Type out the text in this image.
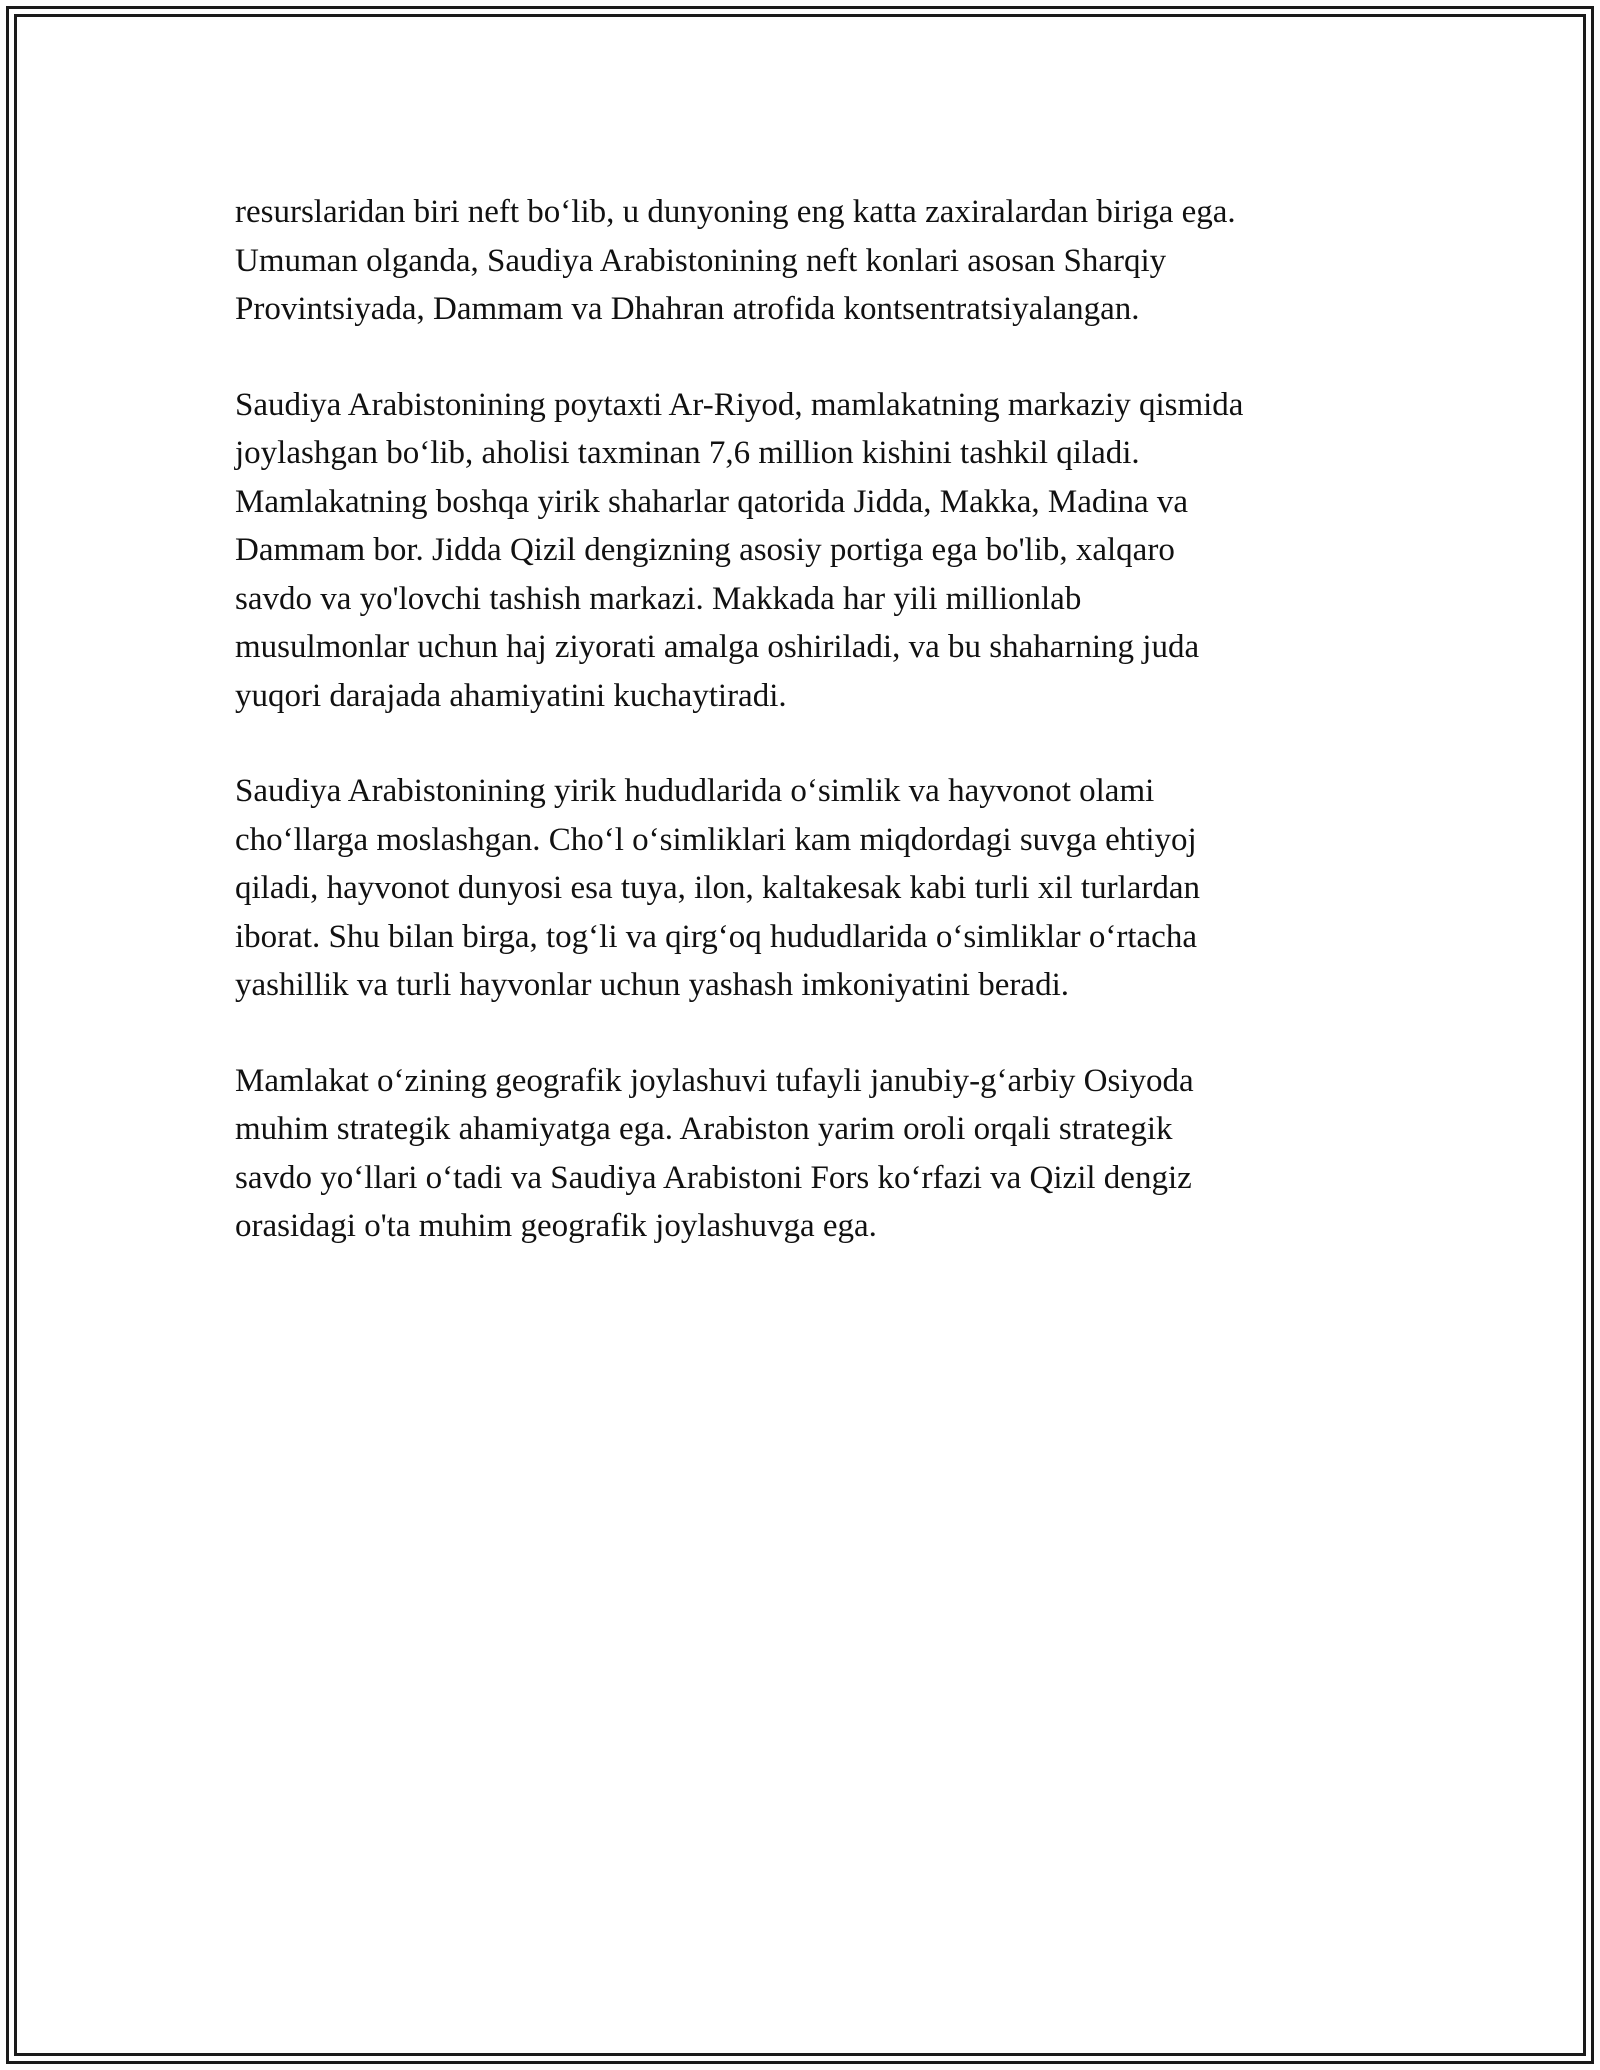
resurslaridan biri neft bo‘lib, u dunyoning eng katta zaxiralardan biriga ega.
Umuman olganda, Saudiya Arabistonining neft konlari asosan Sharqiy
Provintsiyada, Dammam va Dhahran atrofida kontsentratsiyalangan.

Saudiya Arabistonining poytaxti Ar-Riyod, mamlakatning markaziy qismida
joylashgan bo‘lib, aholisi taxminan 7,6 million kishini tashkil qiladi.
Mamlakatning boshqa yirik shaharlar qatorida Jidda, Makka, Madina va
Dammam bor. Jidda Qizil dengizning asosiy portiga ega bo'lib, xalqaro
savdo va yo'lovchi tashish markazi. Makkada har yili millionlab
musulmonlar uchun haj ziyorati amalga oshiriladi, va bu shaharning juda
yuqori darajada ahamiyatini kuchaytiradi.

Saudiya Arabistonining yirik hududlarida o‘simlik va hayvonot olami
cho‘llarga moslashgan. Cho‘l o‘simliklari kam miqdordagi suvga ehtiyoj
qiladi, hayvonot dunyosi esa tuya, ilon, kaltakesak kabi turli xil turlardan
iborat. Shu bilan birga, tog‘li va qirg‘oq hududlarida o‘simliklar o‘rtacha
yashillik va turli hayvonlar uchun yashash imkoniyatini beradi.

Mamlakat o‘zining geografik joylashuvi tufayli janubiy-g‘arbiy Osiyoda
muhim strategik ahamiyatga ega. Arabiston yarim oroli orqali strategik
savdo yo‘llari o‘tadi va Saudiya Arabistoni Fors ko‘rfazi va Qizil dengiz
orasidagi o'ta muhim geografik joylashuvga ega.
